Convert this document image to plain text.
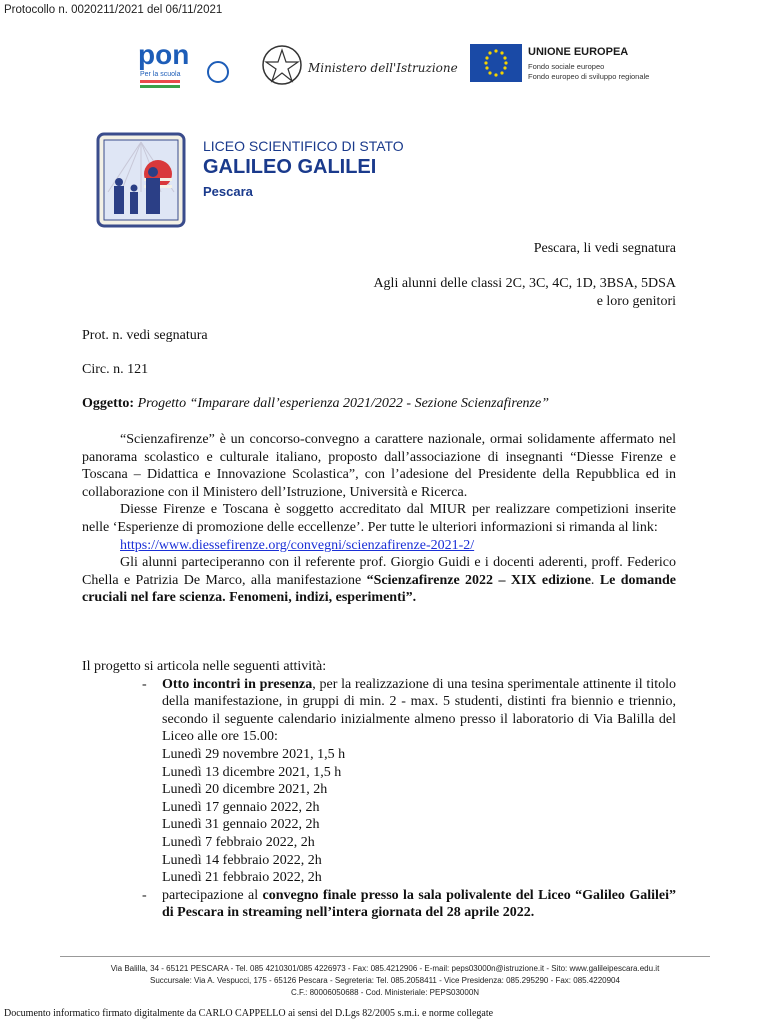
Protocollo n. 0020211/2021 del 06/11/2021
pon
Per la scuola	Ministero dell'Istruzione
UNIONE EUROPEA
Fondo sociale europeo
Fondo europeo di sviluppo regionale
LICEO SCIENTIFICO DI STATO
GALILEO GALILEI
Pescara
Pescara, li vedi segnatura
Agli alunni delle classi 2C, 3C, 4C, 1D, 3BSA, 5DSA
e loro genitori
Prot. n. vedi segnatura
Circ. n. 121
Oggetto: Progetto “Imparare dall’esperienza 2021/2022 - Sezione Scienzafirenze”
“Scienzafirenze” è un concorso-convegno a carattere nazionale, ormai solidamente affermato nel panorama scolastico e culturale italiano, proposto dall’associazione di insegnanti “Diesse Firenze e Toscana – Didattica e Innovazione Scolastica”, con l’adesione del Presidente della Repubblica ed in collaborazione con il Ministero dell’Istruzione, Università e Ricerca.
Diesse Firenze e Toscana è soggetto accreditato dal MIUR per realizzare competizioni inserite nelle ‘Esperienze di promozione delle eccellenze’. Per tutte le ulteriori informazioni si rimanda al link:
https://www.diessefirenze.org/convegni/scienzafirenze-2021-2/
Gli alunni parteciperanno con il referente prof. Giorgio Guidi e i docenti aderenti, proff. Federico Chella e Patrizia De Marco, alla manifestazione “Scienzafirenze 2022 – XIX edizione. Le domande cruciali nel fare scienza. Fenomeni, indizi, esperimenti”.
Il progetto si articola nelle seguenti attività:
- Otto incontri in presenza, per la realizzazione di una tesina sperimentale attinente il titolo della manifestazione, in gruppi di min. 2 - max. 5 studenti, distinti fra biennio e triennio, secondo il seguente calendario inizialmente almeno presso il laboratorio di Via Balilla del Liceo alle ore 15.00:
Lunedì 29 novembre 2021, 1,5 h
Lunedì 13 dicembre 2021, 1,5 h
Lunedì 20 dicembre 2021, 2h
Lunedì 17 gennaio 2022, 2h
Lunedì 31 gennaio 2022, 2h
Lunedì 7 febbraio 2022, 2h
Lunedì 14 febbraio 2022, 2h
Lunedì 21 febbraio 2022, 2h
- partecipazione al convegno finale presso la sala polivalente del Liceo “Galileo Galilei” di Pescara in streaming nell’intera giornata del 28 aprile 2022.
Via Balilla, 34 - 65121 PESCARA - Tel. 085 4210301/085 4226973 - Fax: 085.4212906 - E-mail: peps03000n@istruzione.it - Sito: www.galileipescara.edu.it
Succursale: Via A. Vespucci, 175 - 65126 Pescara - Segreteria: Tel. 085.2058411 - Vice Presidenza: 085.295290 - Fax: 085.4220904
C.F.: 80006050688 - Cod. Ministeriale: PEPS03000N
Documento informatico firmato digitalmente da CARLO CAPPELLO ai sensi del D.Lgs 82/2005 s.m.i. e norme collegate
